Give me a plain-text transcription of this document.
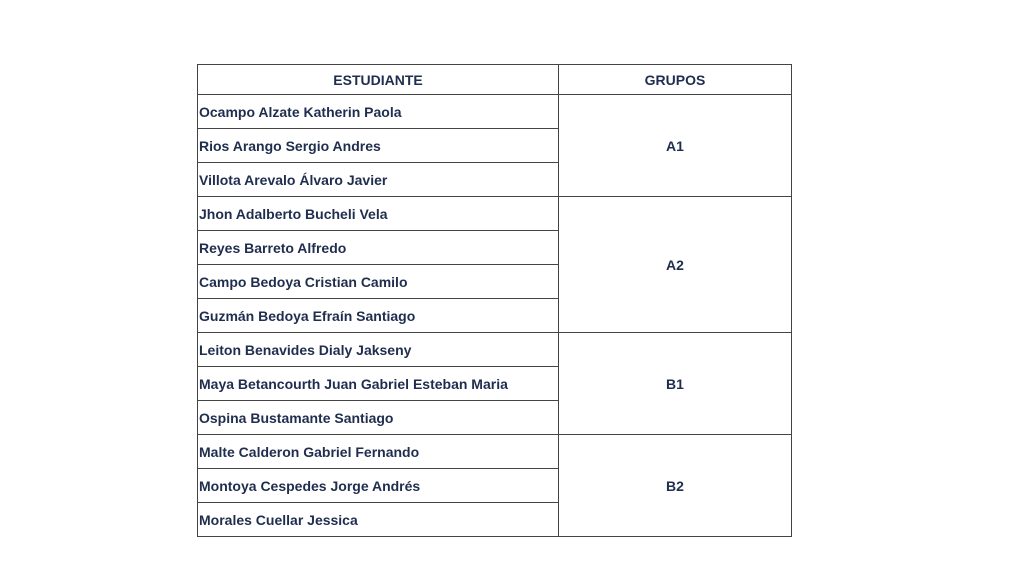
ESTUDIANTE	GRUPOS
Ocampo Alzate Katherin Paola	A1
Rios Arango Sergio Andres	
Villota Arevalo Álvaro Javier	
Jhon Adalberto Bucheli Vela	A2
Reyes Barreto Alfredo	
Campo Bedoya Cristian Camilo	
Guzmán Bedoya Efraín Santiago	
Leiton Benavides Dialy Jakseny	B1
Maya Betancourth Juan Gabriel Esteban Maria	
Ospina Bustamante Santiago	
Malte Calderon Gabriel Fernando	B2
Montoya Cespedes Jorge Andrés	
Morales Cuellar Jessica	
